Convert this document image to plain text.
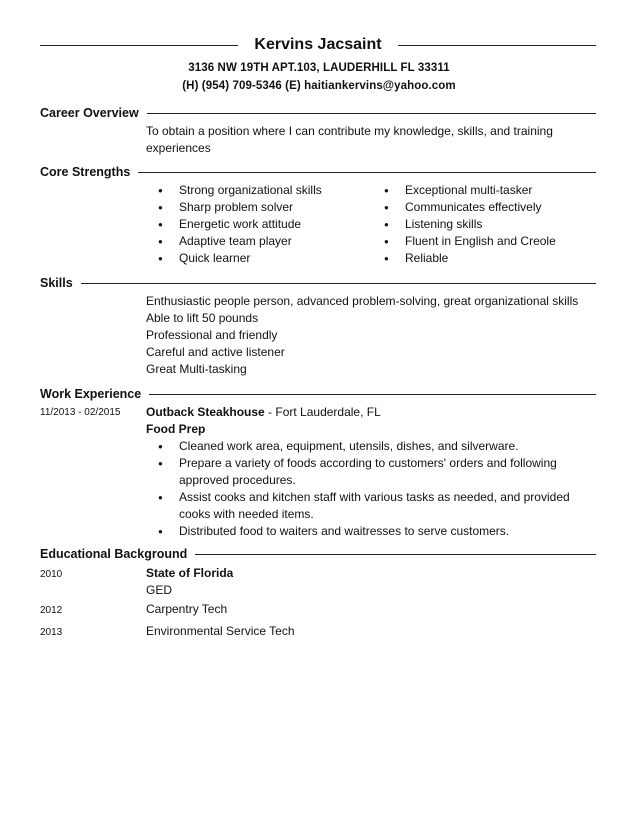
Kervins Jacsaint
3136 NW 19TH APT.103, LAUDERHILL FL 33311
(H) (954) 709-5346 (E) haitiankervins@yahoo.com
Career Overview
To obtain a position where I can contribute my knowledge, skills, and training
experiences
Core Strengths
● Strong organizational skills
● Sharp problem solver
● Energetic work attitude
● Adaptive team player
● Quick learner
● Exceptional multi-tasker
● Communicates effectively
● Listening skills
● Fluent in English and Creole
● Reliable
Skills
Enthusiastic people person, advanced problem-solving, great organizational skills
Able to lift 50 pounds
Professional and friendly
Careful and active listener
Great Multi-tasking
Work Experience
11/2013 - 02/2015 Outback Steakhouse - Fort Lauderdale, FL
Food Prep
● Cleaned work area, equipment, utensils, dishes, and silverware.
● Prepare a variety of foods according to customers' orders and following
approved procedures.
● Assist cooks and kitchen staff with various tasks as needed, and provided
cooks with needed items.
● Distributed food to waiters and waitresses to serve customers.
Educational Background
2010	State of Florida
GED
2012	Carpentry Tech
2013	Environmental Service Tech
